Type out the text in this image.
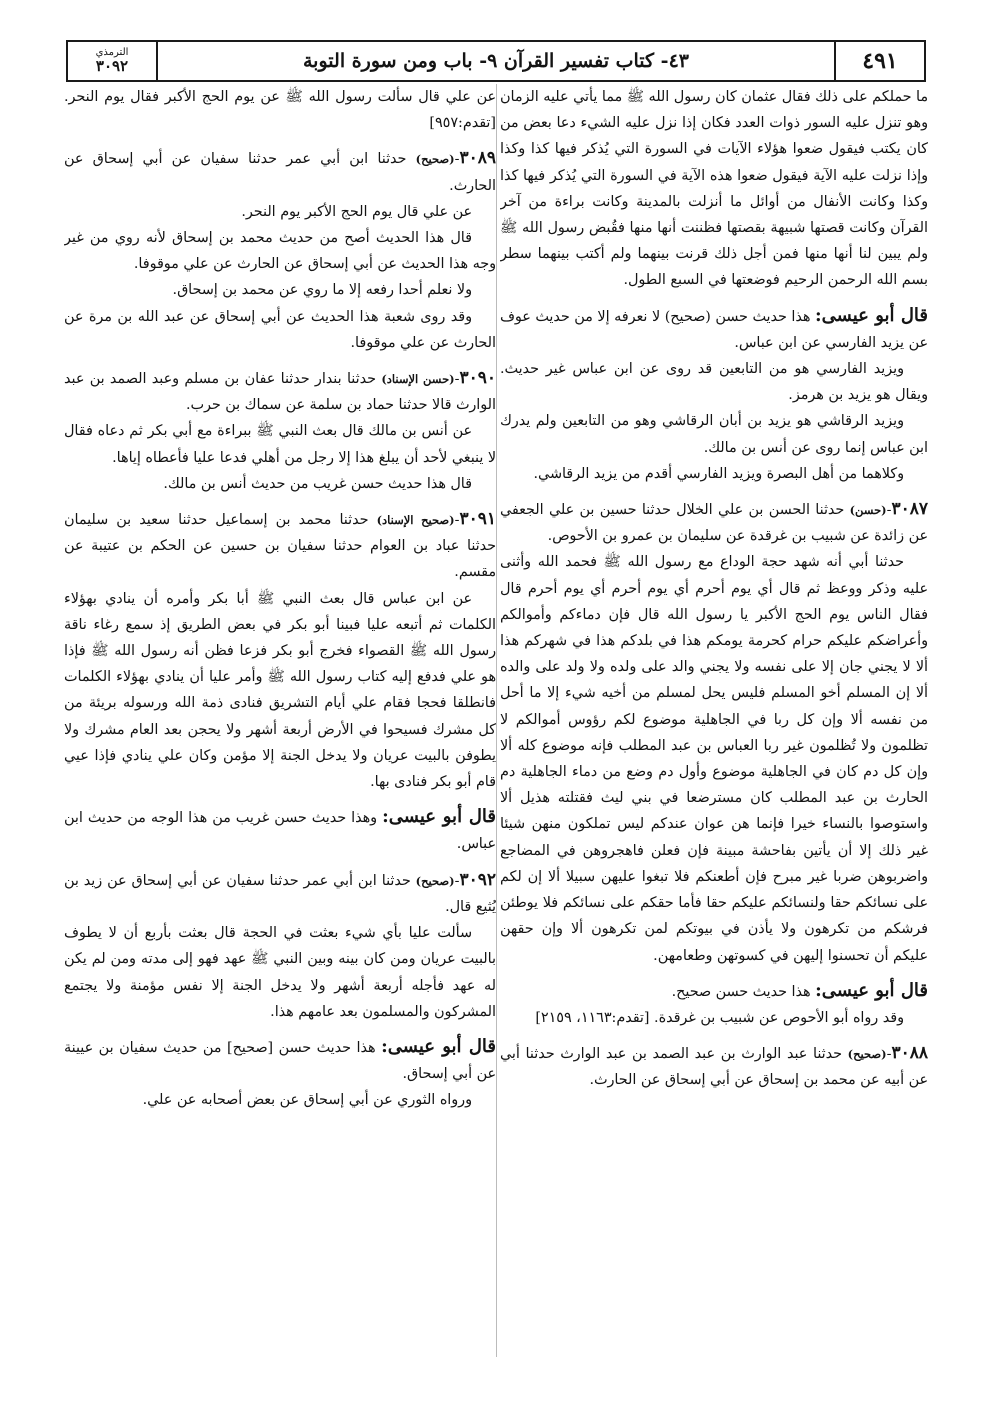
٤٩١
٤٣- كتاب تفسير القرآن ٩- باب ومن سورة التوبة
الترمذي
٣٠٩٢

ما حملكم على ذلك فقال عثمان كان رسول الله ﷺ مما يأتي عليه الزمان وهو تنزل عليه السور ذوات العدد فكان إذا نزل عليه الشيء دعا بعض من كان يكتب فيقول ضعوا هؤلاء الآيات في السورة التي يُذكر فيها كذا وكذا وإذا نزلت عليه الآية فيقول ضعوا هذه الآية في السورة التي يُذكر فيها كذا وكذا وكانت الأنفال من أوائل ما أنزلت بالمدينة وكانت براءة من آخر القرآن وكانت قصتها شبيهة بقصتها فظننت أنها منها فقُبض رسول الله ﷺ ولم يبين لنا أنها منها فمن أجل ذلك قرنت بينهما ولم أكتب بينهما سطر بسم الله الرحمن الرحيم فوضعتها في السبع الطول.

قال أبو عيسى: هذا حديث حسن (صحيح) لا نعرفه إلا من حديث عوف عن يزيد الفارسي عن ابن عباس.

ويزيد الفارسي هو من التابعين قد روى عن ابن عباس غير حديث. ويقال هو يزيد بن هرمز.

ويزيد الرقاشي هو يزيد بن أبان الرقاشي وهو من التابعين ولم يدرك ابن عباس إنما روى عن أنس بن مالك.

وكلاهما من أهل البصرة ويزيد الفارسي أقدم من يزيد الرقاشي.

٣٠٨٧-(حسن) حدثنا الحسن بن علي الخلال حدثنا حسين بن علي الجعفي عن زائدة عن شبيب بن غرقدة عن سليمان بن عمرو بن الأحوص.

حدثنا أبي أنه شهد حجة الوداع مع رسول الله ﷺ فحمد الله وأثنى عليه وذكر ووعظ ثم قال أي يوم أحرم أي يوم أحرم أي يوم أحرم قال فقال الناس يوم الحج الأكبر يا رسول الله قال فإن دماءكم وأموالكم وأعراضكم عليكم حرام كحرمة يومكم هذا في بلدكم هذا في شهركم هذا ألا لا يجني جان إلا على نفسه ولا يجني والد على ولده ولا ولد على والده ألا إن المسلم أخو المسلم فليس يحل لمسلم من أخيه شيء إلا ما أحل من نفسه ألا وإن كل ربا في الجاهلية موضوع لكم رؤوس أموالكم لا تظلمون ولا تُظلمون غير ربا العباس بن عبد المطلب فإنه موضوع كله ألا وإن كل دم كان في الجاهلية موضوع وأول دم وضع من دماء الجاهلية دم الحارث بن عبد المطلب كان مسترضعا في بني ليث فقتلته هذيل ألا واستوصوا بالنساء خيرا فإنما هن عوان عندكم ليس تملكون منهن شيئا غير ذلك إلا أن يأتين بفاحشة مبينة فإن فعلن فاهجروهن في المضاجع واضربوهن ضربا غير مبرح فإن أطعنكم فلا تبغوا عليهن سبيلا ألا إن لكم على نسائكم حقا ولنسائكم عليكم حقا فأما حقكم على نسائكم فلا يوطئن فرشكم من تكرهون ولا يأذن في بيوتكم لمن تكرهون ألا وإن حقهن عليكم أن تحسنوا إليهن في كسوتهن وطعامهن.

قال أبو عيسى: هذا حديث حسن صحيح.

وقد رواه أبو الأحوص عن شبيب بن غرقدة. [تقدم:١١٦٣، ٢١٥٩]

٣٠٨٨-(صحيح) حدثنا عبد الوارث بن عبد الصمد بن عبد الوارث حدثنا أبي عن أبيه عن محمد بن إسحاق عن أبي إسحاق عن الحارث.

عن علي قال سألت رسول الله ﷺ عن يوم الحج الأكبر فقال يوم النحر. [تقدم:٩٥٧]

٣٠٨٩-(صحيح) حدثنا ابن أبي عمر حدثنا سفيان عن أبي إسحاق عن الحارث.

عن علي قال يوم الحج الأكبر يوم النحر.

قال هذا الحديث أصح من حديث محمد بن إسحاق لأنه روي من غير وجه هذا الحديث عن أبي إسحاق عن الحارث عن علي موقوفا.

ولا نعلم أحدا رفعه إلا ما روي عن محمد بن إسحاق.

وقد روى شعبة هذا الحديث عن أبي إسحاق عن عبد الله بن مرة عن الحارث عن علي موقوفا.

٣٠٩٠-(حسن الإسناد) حدثنا بندار حدثنا عفان بن مسلم وعبد الصمد بن عبد الوارث قالا حدثنا حماد بن سلمة عن سماك بن حرب.

عن أنس بن مالك قال بعث النبي ﷺ ببراءة مع أبي بكر ثم دعاه فقال لا ينبغي لأحد أن يبلغ هذا إلا رجل من أهلي فدعا عليا فأعطاه إياها.

قال هذا حديث حسن غريب من حديث أنس بن مالك.

٣٠٩١-(صحيح الإسناد) حدثنا محمد بن إسماعيل حدثنا سعيد بن سليمان حدثنا عباد بن العوام حدثنا سفيان بن حسين عن الحكم بن عتيبة عن مقسم.

عن ابن عباس قال بعث النبي ﷺ أبا بكر وأمره أن ينادي بهؤلاء الكلمات ثم أتبعه عليا فبينا أبو بكر في بعض الطريق إذ سمع رغاء ناقة رسول الله ﷺ القصواء فخرج أبو بكر فزعا فظن أنه رسول الله ﷺ فإذا هو علي فدفع إليه كتاب رسول الله ﷺ وأمر عليا أن ينادي بهؤلاء الكلمات فانطلقا فحجا فقام علي أيام التشريق فنادى ذمة الله ورسوله بريئة من كل مشرك فسيحوا في الأرض أربعة أشهر ولا يحجن بعد العام مشرك ولا يطوفن بالبيت عريان ولا يدخل الجنة إلا مؤمن وكان علي ينادي فإذا عيي قام أبو بكر فنادى بها.

قال أبو عيسى: وهذا حديث حسن غريب من هذا الوجه من حديث ابن عباس.

٣٠٩٢-(صحيح) حدثنا ابن أبي عمر حدثنا سفيان عن أبي إسحاق عن زيد بن يُثيع قال.

سألت عليا بأي شيء بعثت في الحجة قال بعثت بأربع أن لا يطوف بالبيت عريان ومن كان بينه وبين النبي ﷺ عهد فهو إلى مدته ومن لم يكن له عهد فأجله أربعة أشهر ولا يدخل الجنة إلا نفس مؤمنة ولا يجتمع المشركون والمسلمون بعد عامهم هذا.

قال أبو عيسى: هذا حديث حسن [صحيح] من حديث سفيان بن عيينة عن أبي إسحاق.

ورواه الثوري عن أبي إسحاق عن بعض أصحابه عن علي.
